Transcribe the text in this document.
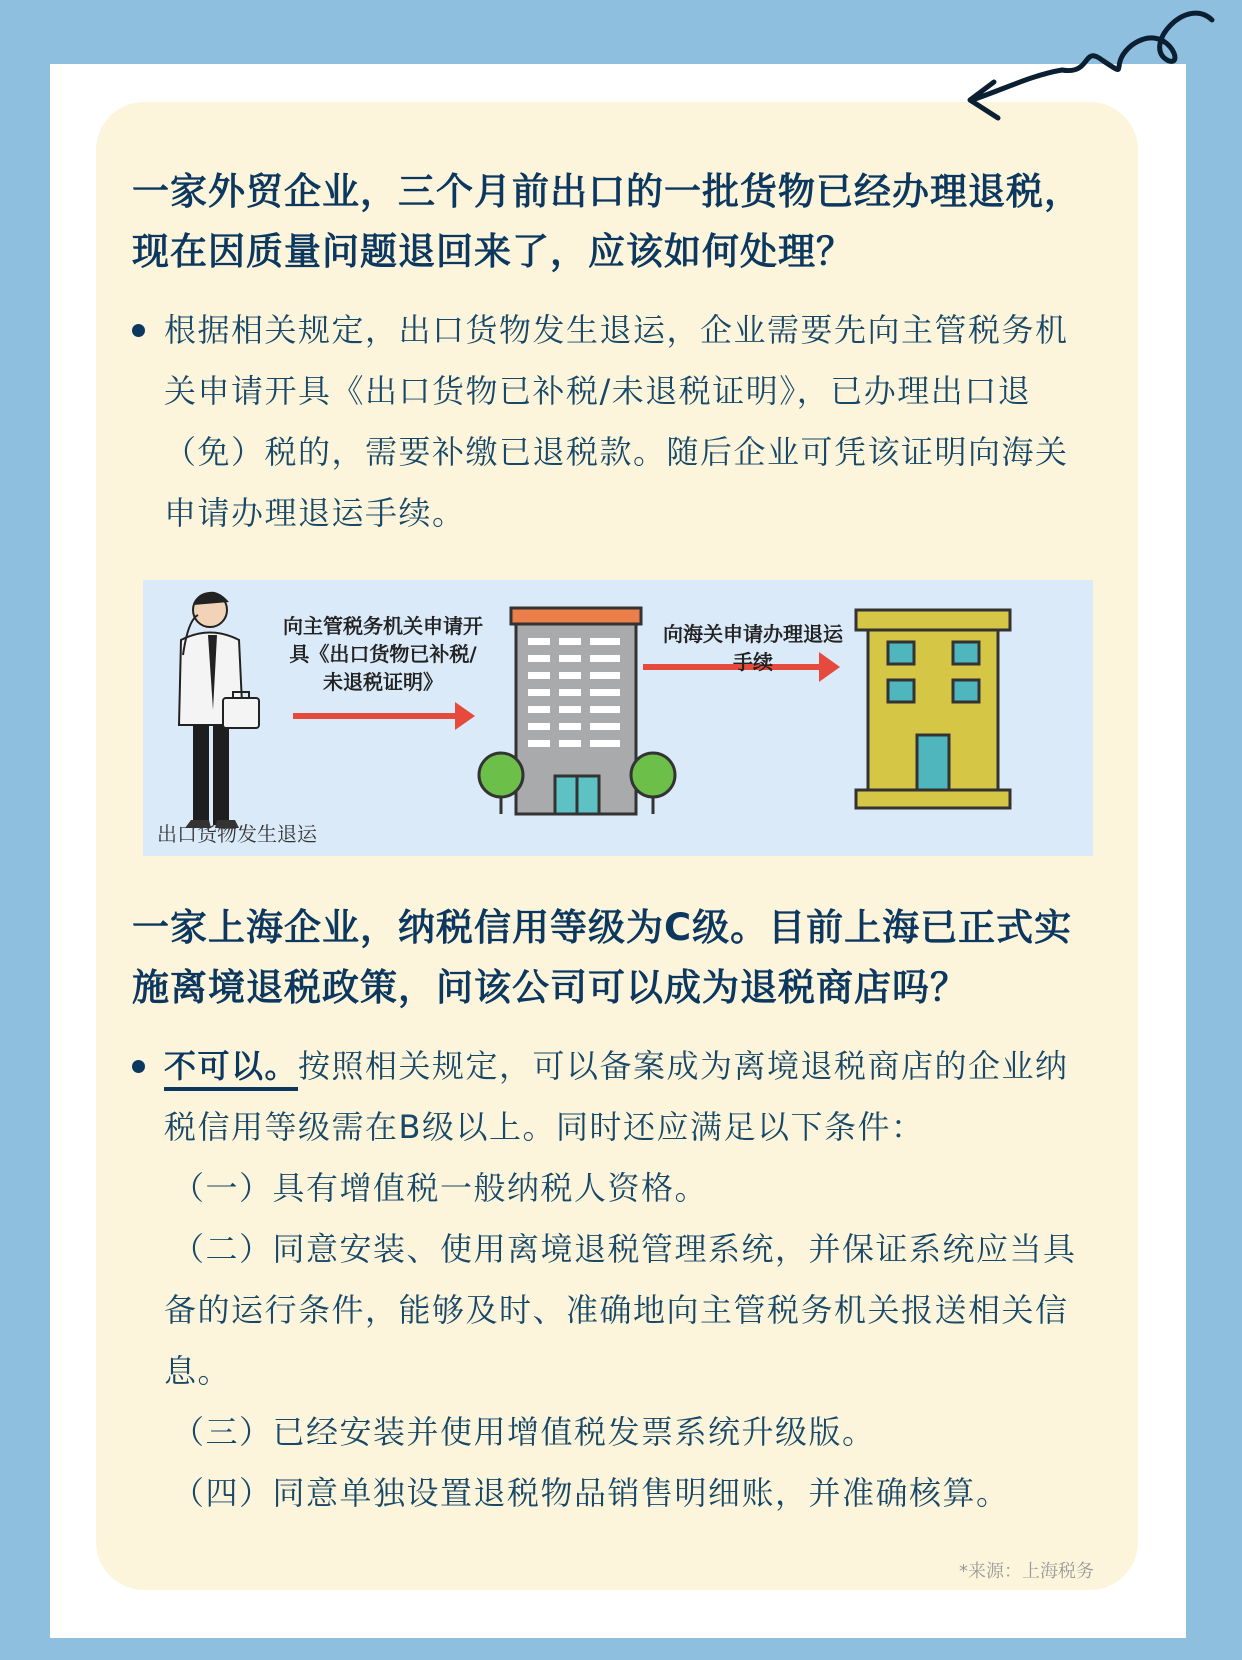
一家外贸企业，三个月前出口的一批货物已经办理退税，现在因质量问题退回来了，应该如何处理？
根据相关规定，出口货物发生退运，企业需要先向主管税务机关申请开具《出口货物已补税/未退税证明》，已办理出口退（免）税的，需要补缴已退税款。随后企业可凭该证明向海关申请办理退运手续。
向主管税务机关申请开具《出口货物已补税/未退税证明》
向海关申请办理退运手续
出口货物发生退运
一家上海企业，纳税信用等级为C级。目前上海已正式实施离境退税政策，问该公司可以成为退税商店吗？
不可以。按照相关规定，可以备案成为离境退税商店的企业纳税信用等级需在B级以上。同时还应满足以下条件：
（一）具有增值税一般纳税人资格。
（二）同意安装、使用离境退税管理系统，并保证系统应当具备的运行条件，能够及时、准确地向主管税务机关报送相关信息。
（三）已经安装并使用增值税发票系统升级版。
（四）同意单独设置退税物品销售明细账，并准确核算。
*来源：上海税务
